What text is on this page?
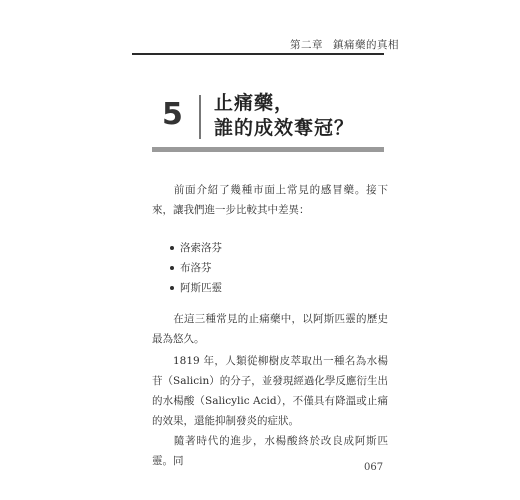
第二章 鎮痛藥的真相
5 止痛藥，
誰的成效奪冠？
前面介紹了幾種市面上常見的感冒藥。接下來，讓我們進一步比較其中差異：
洛索洛芬
布洛芬
阿斯匹靈
在這三種常見的止痛藥中，以阿斯匹靈的歷史最為悠久。
1819 年，人類從柳樹皮萃取出一種名為水楊苷（Salicin）的分子，並發現經過化學反應衍生出的水楊酸（Salicylic Acid），不僅具有降溫或止痛的效果，還能抑制發炎的症狀。
隨著時代的進步，水楊酸終於改良成阿斯匹靈。同
067
